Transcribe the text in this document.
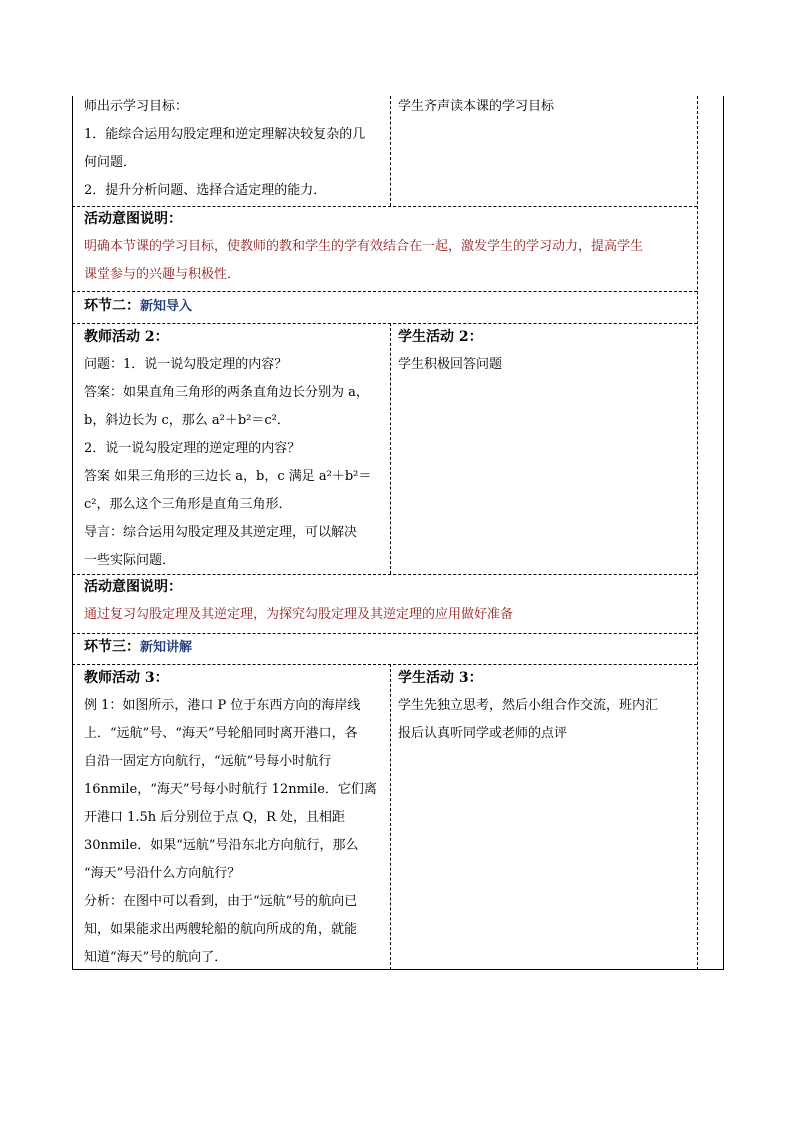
师出示学习目标：

1．能综合运用勾股定理和逆定理解决较复杂的几

何问题．

2．提升分析问题、选择合适定理的能力．

学生齐声读本课的学习目标

活动意图说明：

明确本节课的学习目标，使教师的教和学生的学有效结合在一起，激发学生的学习动力，提高学生

课堂参与的兴趣与积极性．

环节二：新知导入

教师活动 2：

问题：1．说一说勾股定理的内容？

答案：如果直角三角形的两条直角边长分别为 a，

b，斜边长为 c，那么 a²＋b²＝c²．

2．说一说勾股定理的逆定理的内容？

答案 如果三角形的三边长 a，b，c 满足 a²＋b²＝

c²，那么这个三角形是直角三角形．

导言：综合运用勾股定理及其逆定理，可以解决

一些实际问题．

学生活动 2：

学生积极回答问题

活动意图说明：

通过复习勾股定理及其逆定理，为探究勾股定理及其逆定理的应用做好准备

环节三：新知讲解

教师活动 3：

例 1：如图所示，港口 P 位于东西方向的海岸线

上．“远航”号、“海天”号轮船同时离开港口，各

自沿一固定方向航行，“远航”号每小时航行

16nmile，“海天”号每小时航行 12nmile．它们离

开港口 1.5h 后分别位于点 Q，R 处，且相距

30nmile．如果“远航”号沿东北方向航行，那么

“海天”号沿什么方向航行？

分析：在图中可以看到，由于“远航”号的航向已

知，如果能求出两艘轮船的航向所成的角，就能

知道“海天”号的航向了．

学生活动 3：

学生先独立思考，然后小组合作交流，班内汇

报后认真听同学或老师的点评
